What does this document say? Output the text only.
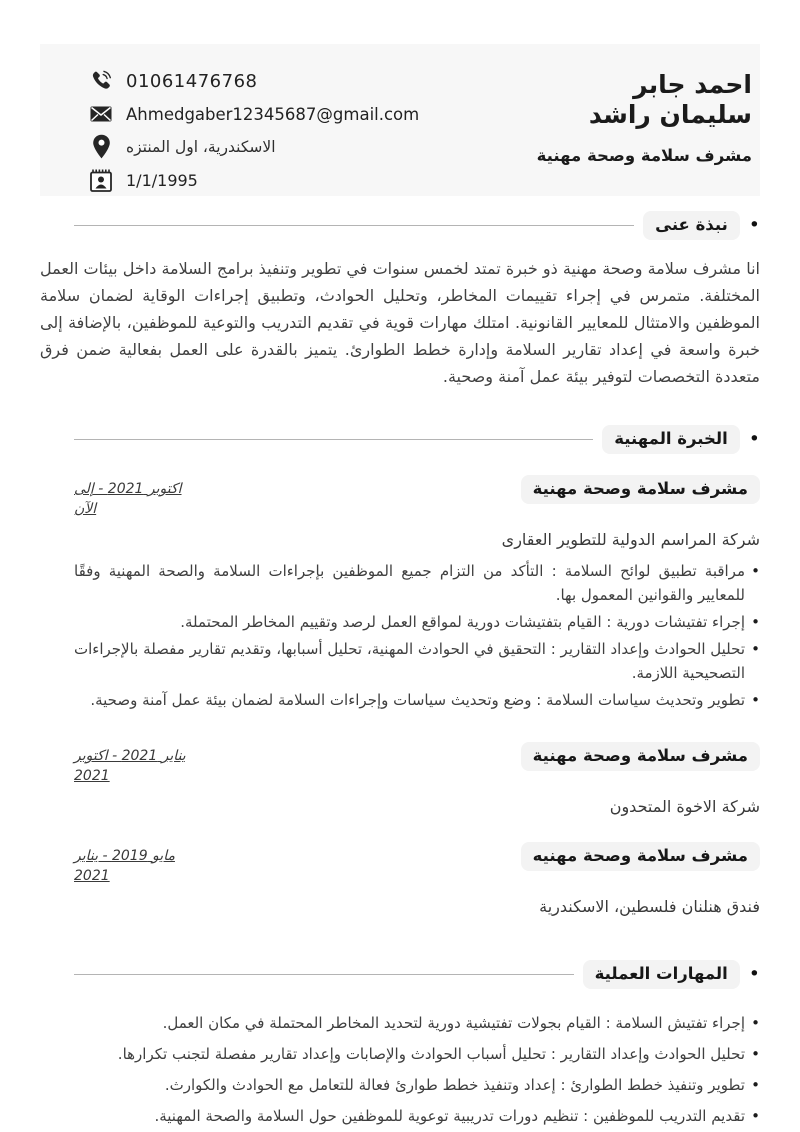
احمد جابر
سليمان راشد
مشرف سلامة وصحة مهنية
01061476768
Ahmedgaber12345687@gmail.com
الاسكندرية، اول المنتزه
1/1/1995
•
نبذة عنى

انا مشرف سلامة وصحة مهنية ذو خبرة تمتد لخمس سنوات في تطوير وتنفيذ برامج السلامة داخل بيئات العمل المختلفة. متمرس في إجراء تقييمات المخاطر، وتحليل الحوادث، وتطبيق إجراءات الوقاية لضمان سلامة الموظفين والامتثال للمعايير القانونية. امتلك مهارات قوية في تقديم التدريب والتوعية للموظفين، بالإضافة إلى خبرة واسعة في إعداد تقارير السلامة وإدارة خطط الطوارئ. يتميز بالقدرة على العمل بفعالية ضمن فرق متعددة التخصصات لتوفير بيئة عمل آمنة وصحية.

•
الخبرة المهنية
مشرف سلامة وصحة مهنية
اكتوبر 2021 - إلى الآن
شركة المراسم الدولية للتطوير العقارى
• مراقبة تطبيق لوائح السلامة : التأكد من التزام جميع الموظفين بإجراءات السلامة والصحة المهنية وفقًا للمعايير والقوانين المعمول بها.
• إجراء تفتيشات دورية : القيام بتفتيشات دورية لمواقع العمل لرصد وتقييم المخاطر المحتملة.
• تحليل الحوادث وإعداد التقارير : التحقيق في الحوادث المهنية، تحليل أسبابها، وتقديم تقارير مفصلة بالإجراءات التصحيحية اللازمة.
• تطوير وتحديث سياسات السلامة : وضع وتحديث سياسات وإجراءات السلامة لضمان بيئة عمل آمنة وصحية.
مشرف سلامة وصحة مهنية
يناير 2021 - اكتوبر 2021
شركة الاخوة المتحدون
مشرف سلامة وصحة مهنيه
مايو 2019 - يناير 2021
فندق هنلنان فلسطين، الاسكندرية
•
المهارات العملية
• إجراء تفتيش السلامة : القيام بجولات تفتيشية دورية لتحديد المخاطر المحتملة في مكان العمل.
• تحليل الحوادث وإعداد التقارير : تحليل أسباب الحوادث والإصابات وإعداد تقارير مفصلة لتجنب تكرارها.
• تطوير وتنفيذ خطط الطوارئ : إعداد وتنفيذ خطط طوارئ فعالة للتعامل مع الحوادث والكوارث.
• تقديم التدريب للموظفين : تنظيم دورات تدريبية توعوية للموظفين حول السلامة والصحة المهنية.
